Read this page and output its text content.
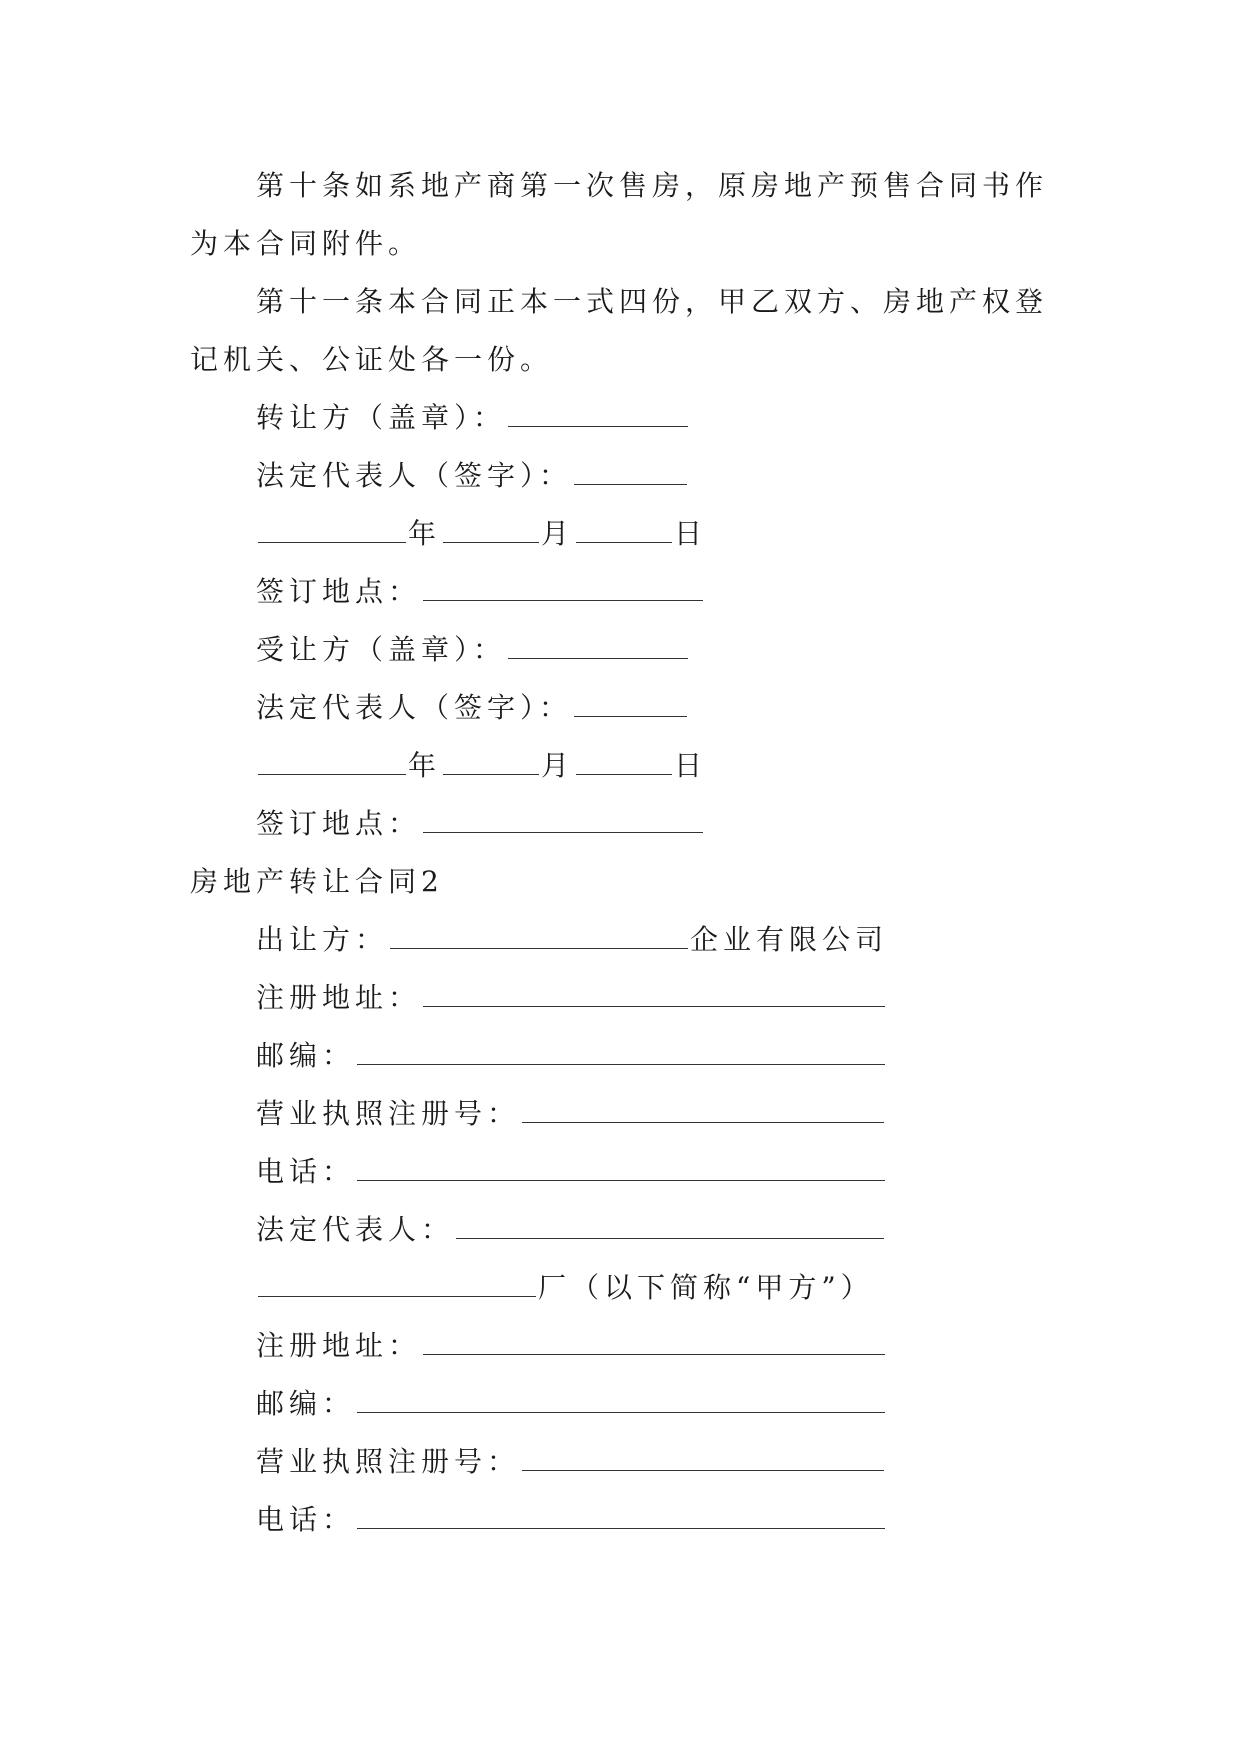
第十条如系地产商第一次售房，原房地产预售合同书作
为本合同附件。
第十一条本合同正本一式四份，甲乙双方、房地产权登
记机关、公证处各一份。
转让方（盖章）：
法定代表人（签字）：
年	月	日
签订地点：
受让方（盖章）：
法定代表人（签字）：
年	月	日
签订地点：
房地产转让合同2
出让方：	企业有限公司
注册地址：
邮编：
营业执照注册号：
电话：
法定代表人：
厂（以下简称“甲方”）
注册地址：
邮编：
营业执照注册号：
电话：
